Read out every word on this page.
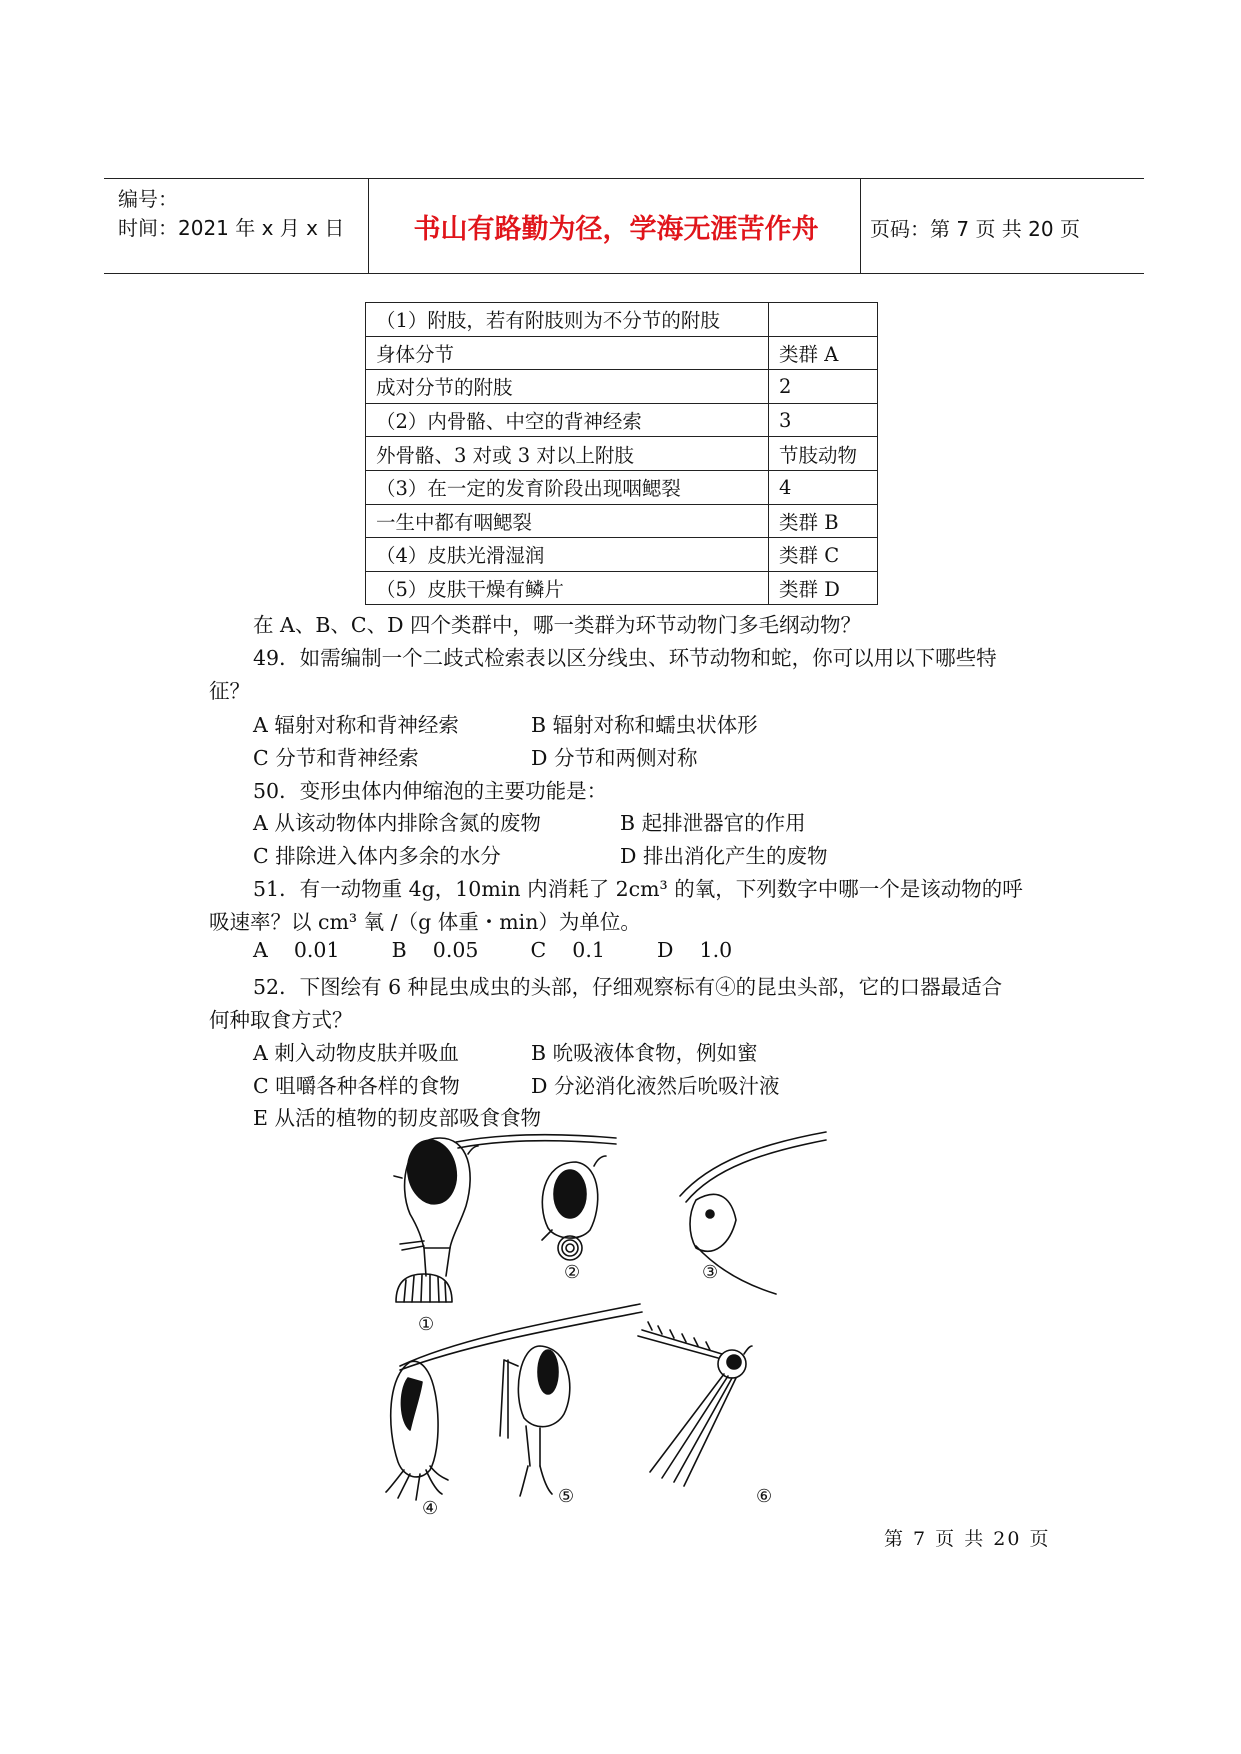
编号：
时间：2021 年 x 月 x 日	书山有路勤为径，学海无涯苦作舟	页码：第 7 页 共 20 页
（1）附肢，若有附肢则为不分节的附肢	
身体分节	类群 A
成对分节的附肢	2
（2）内骨骼、中空的背神经索	3
外骨骼、3 对或 3 对以上附肢	节肢动物
（3）在一定的发育阶段出现咽鳃裂	4
一生中都有咽鳃裂	类群 B
（4）皮肤光滑湿润	类群 C
（5）皮肤干燥有鳞片	类群 D
在 A、B、C、D 四个类群中，哪一类群为环节动物门多毛纲动物？
49．如需编制一个二歧式检索表以区分线虫、环节动物和蛇，你可以用以下哪些特
征？
A 辐射对称和背神经索	B 辐射对称和蠕虫状体形
C 分节和背神经索	D 分节和两侧对称
50．变形虫体内伸缩泡的主要功能是：
A 从该动物体内排除含氮的废物	B 起排泄器官的作用
C 排除进入体内多余的水分	D 排出消化产生的废物
51．有一动物重 4g，10min 内消耗了 2cm³ 的氧，下列数字中哪一个是该动物的呼
吸速率？以 cm³ 氧 /（g 体重・min）为单位。
A    0.01        B    0.05        C    0.1        D    1.0
52．下图绘有 6 种昆虫成虫的头部，仔细观察标有④的昆虫头部，它的口器最适合
何种取食方式？
A 刺入动物皮肤并吸血	B 吮吸液体食物，例如蜜
C 咀嚼各种各样的食物	D 分泌消化液然后吮吸汁液
E 从活的植物的韧皮部吸食食物
①
②	③
④
⑤	⑥
第 7 页 共 20 页
